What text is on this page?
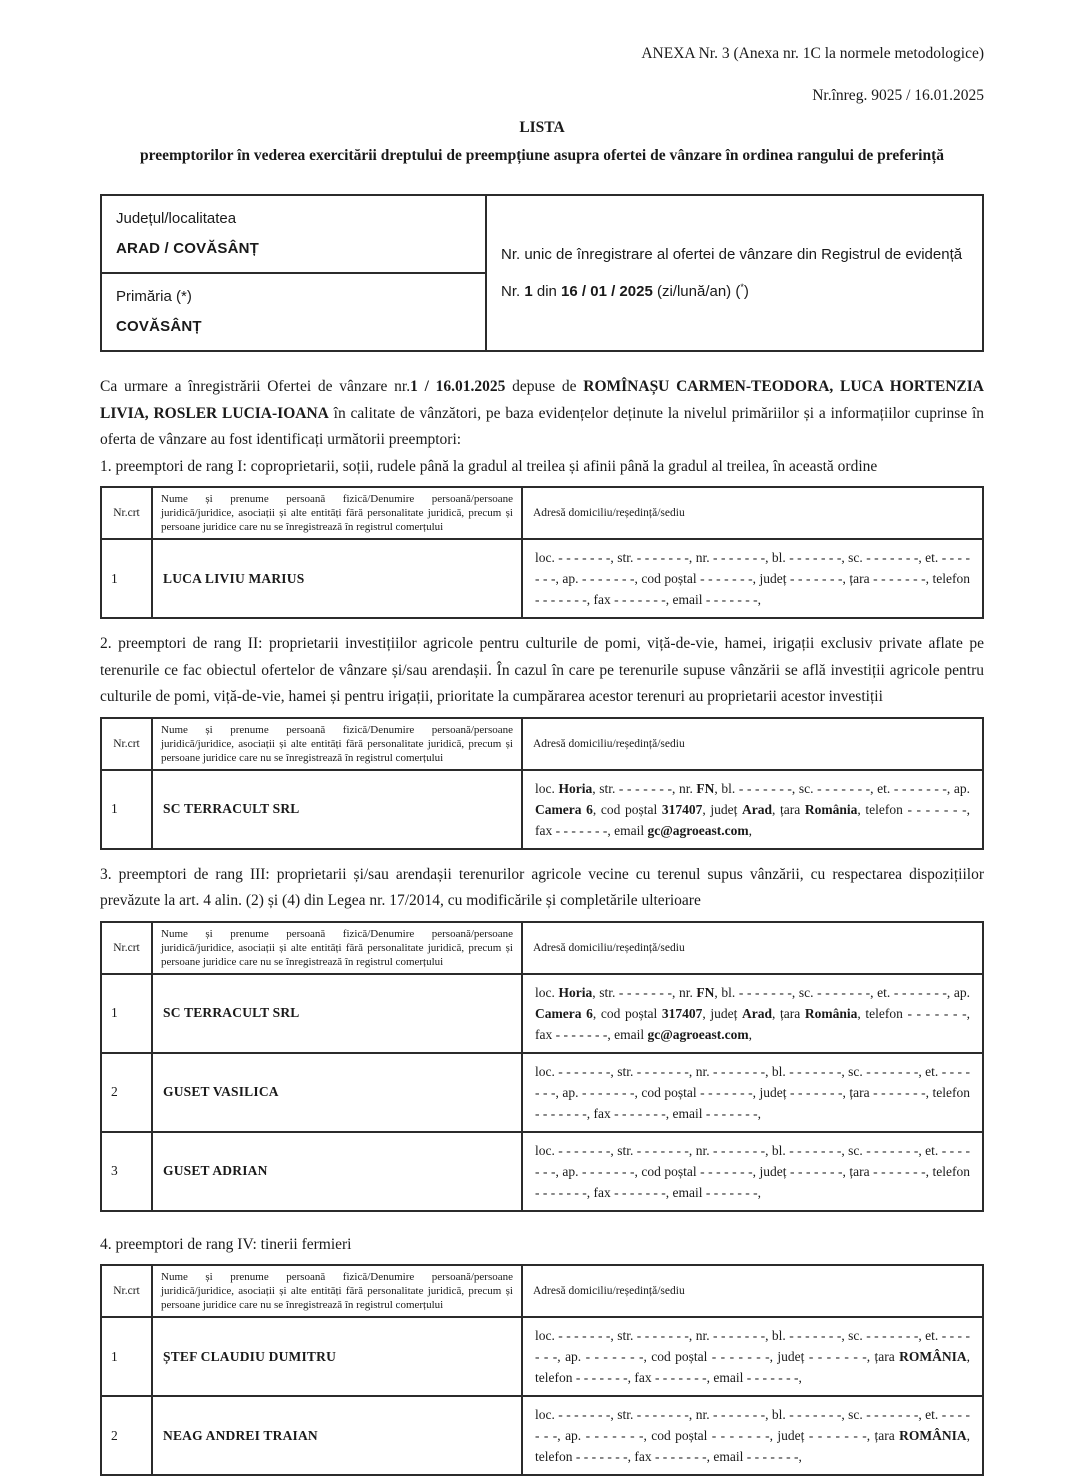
ANEXA Nr. 3 (Anexa nr. 1C la normele metodologice)
Nr.înreg. 9025 / 16.01.2025
LISTA
preemptorilor în vederea exercitării dreptului de preempțiune asupra ofertei de vânzare în ordinea rangului de preferință
Județul/localitatea
ARAD / COVĂSÂNȚ	Nr. unic de înregistrare al ofertei de vânzare din Registrul de evidență
Nr. 1 din 16 / 01 / 2025 (zi/lună/an) (*)

Primăria (*)
COVĂSÂNȚ

Ca urmare a înregistrării Ofertei de vânzare nr.1 / 16.01.2025 depuse de ROMÎNAȘU CARMEN-TEODORA, LUCA HORTENZIA LIVIA, ROSLER LUCIA-IOANA în calitate de vânzători, pe baza evidențelor deținute la nivelul primăriilor și a informațiilor cuprinse în oferta de vânzare au fost identificați următorii preemptori:

1. preemptori de rang I: coproprietarii, soții, rudele până la gradul al treilea și afinii până la gradul al treilea, în această ordine

Nr.crt	Nume și prenume persoană fizică/Denumire persoană/persoane juridică/juridice, asociații și alte entități fără personalitate juridică, precum și persoane juridice care nu se înregistrează în registrul comerțului	Adresă domiciliu/reședință/sediu
1	LUCA LIVIU MARIUS	loc. - - - - - - -, str. - - - - - - -, nr. - - - - - - -, bl. - - - - - - -, sc. - - - - - - -, et. - - - - - - -, ap. - - - - - - -, cod poștal - - - - - - -, județ - - - - - - -, țara - - - - - - -, telefon - - - - - - -, fax - - - - - - -, email - - - - - - -,

2. preemptori de rang II: proprietarii investițiilor agricole pentru culturile de pomi, viță-de-vie, hamei, irigații exclusiv private aflate pe terenurile ce fac obiectul ofertelor de vânzare și/sau arendașii. În cazul în care pe terenurile supuse vânzării se află investiții agricole pentru culturile de pomi, viță-de-vie, hamei și pentru irigații, prioritate la cumpărarea acestor terenuri au proprietarii acestor investiții

Nr.crt	Nume și prenume persoană fizică/Denumire persoană/persoane juridică/juridice, asociații și alte entități fără personalitate juridică, precum și persoane juridice care nu se înregistrează în registrul comerțului	Adresă domiciliu/reședință/sediu
1	SC TERRACULT SRL	loc. Horia, str. - - - - - - -, nr. FN, bl. - - - - - - -, sc. - - - - - - -, et. - - - - - - -, ap. Camera 6, cod poștal 317407, județ Arad, țara România, telefon - - - - - - -, fax - - - - - - -, email gc@agroeast.com,

3. preemptori de rang III: proprietarii și/sau arendașii terenurilor agricole vecine cu terenul supus vânzării, cu respectarea dispozițiilor prevăzute la art. 4 alin. (2) și (4) din Legea nr. 17/2014, cu modificările și completările ulterioare

Nr.crt	Nume și prenume persoană fizică/Denumire persoană/persoane juridică/juridice, asociații și alte entități fără personalitate juridică, precum și persoane juridice care nu se înregistrează în registrul comerțului	Adresă domiciliu/reședință/sediu
1	SC TERRACULT SRL	loc. Horia, str. - - - - - - -, nr. FN, bl. - - - - - - -, sc. - - - - - - -, et. - - - - - - -, ap. Camera 6, cod poștal 317407, județ Arad, țara România, telefon - - - - - - -, fax - - - - - - -, email gc@agroeast.com,
2	GUSET VASILICA	loc. - - - - - - -, str. - - - - - - -, nr. - - - - - - -, bl. - - - - - - -, sc. - - - - - - -, et. - - - - - - -, ap. - - - - - - -, cod poștal - - - - - - -, județ - - - - - - -, țara - - - - - - -, telefon - - - - - - -, fax - - - - - - -, email - - - - - - -,
3	GUSET ADRIAN	loc. - - - - - - -, str. - - - - - - -, nr. - - - - - - -, bl. - - - - - - -, sc. - - - - - - -, et. - - - - - - -, ap. - - - - - - -, cod poștal - - - - - - -, județ - - - - - - -, țara - - - - - - -, telefon - - - - - - -, fax - - - - - - -, email - - - - - - -,

4. preemptori de rang IV: tinerii fermieri

Nr.crt	Nume și prenume persoană fizică/Denumire persoană/persoane juridică/juridice, asociații și alte entități fără personalitate juridică, precum și persoane juridice care nu se înregistrează în registrul comerțului	Adresă domiciliu/reședință/sediu
1	ȘTEF CLAUDIU DUMITRU	loc. - - - - - - -, str. - - - - - - -, nr. - - - - - - -, bl. - - - - - - -, sc. - - - - - - -, et. - - - - - - -, ap. - - - - - - -, cod poștal - - - - - - -, județ - - - - - - -, țara ROMÂNIA, telefon - - - - - - -, fax - - - - - - -, email - - - - - - -,
2	NEAG ANDREI TRAIAN	loc. - - - - - - -, str. - - - - - - -, nr. - - - - - - -, bl. - - - - - - -, sc. - - - - - - -, et. - - - - - - -, ap. - - - - - - -, cod poștal - - - - - - -, județ - - - - - - -, țara ROMÂNIA, telefon - - - - - - -, fax - - - - - - -, email - - - - - - -,
